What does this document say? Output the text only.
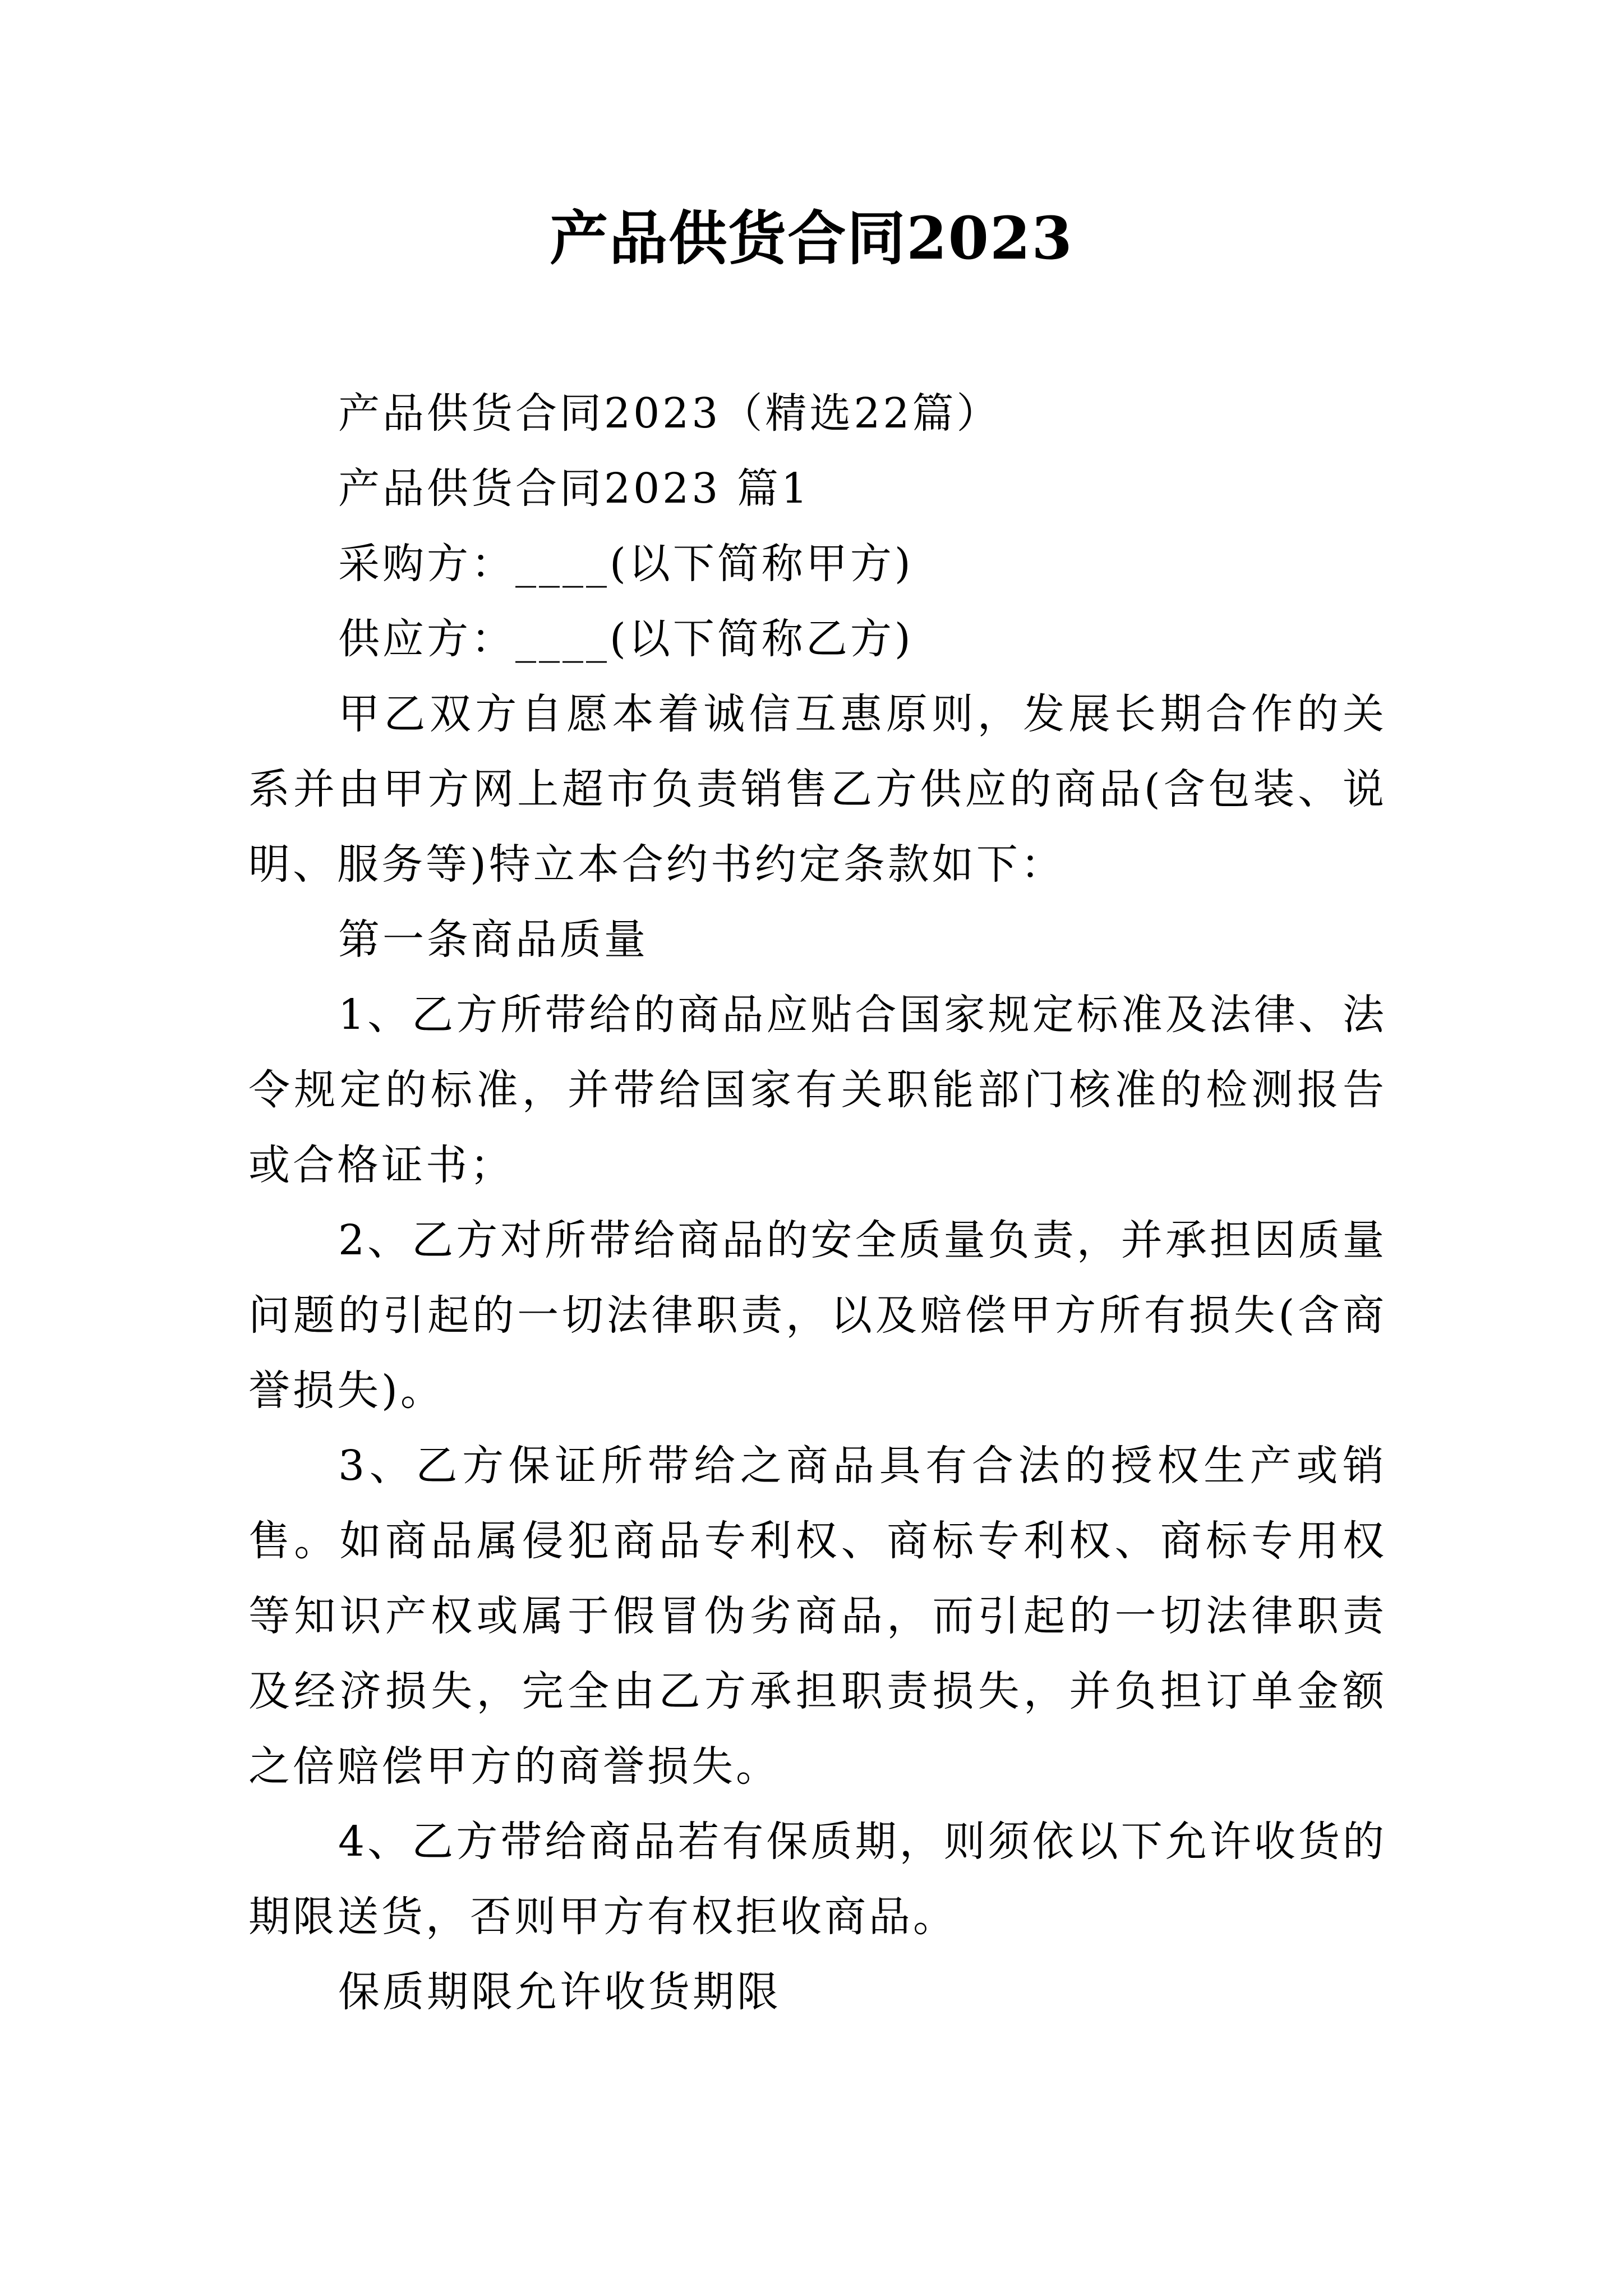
产品供货合同2023

产品供货合同2023（精选22篇）

产品供货合同2023 篇1

采购方：____(以下简称甲方)

供应方：____(以下简称乙方)

甲乙双方自愿本着诚信互惠原则，发展长期合作的关系并由甲方网上超市负责销售乙方供应的商品(含包装、说明、服务等)特立本合约书约定条款如下：

第一条商品质量

1、乙方所带给的商品应贴合国家规定标准及法律、法令规定的标准，并带给国家有关职能部门核准的检测报告或合格证书；

2、乙方对所带给商品的安全质量负责，并承担因质量问题的引起的一切法律职责，以及赔偿甲方所有损失(含商誉损失)。

3、乙方保证所带给之商品具有合法的授权生产或销售。如商品属侵犯商品专利权、商标专利权、商标专用权等知识产权或属于假冒伪劣商品，而引起的一切法律职责及经济损失，完全由乙方承担职责损失，并负担订单金额之倍赔偿甲方的商誉损失。

4、乙方带给商品若有保质期，则须依以下允许收货的期限送货，否则甲方有权拒收商品。

保质期限允许收货期限
